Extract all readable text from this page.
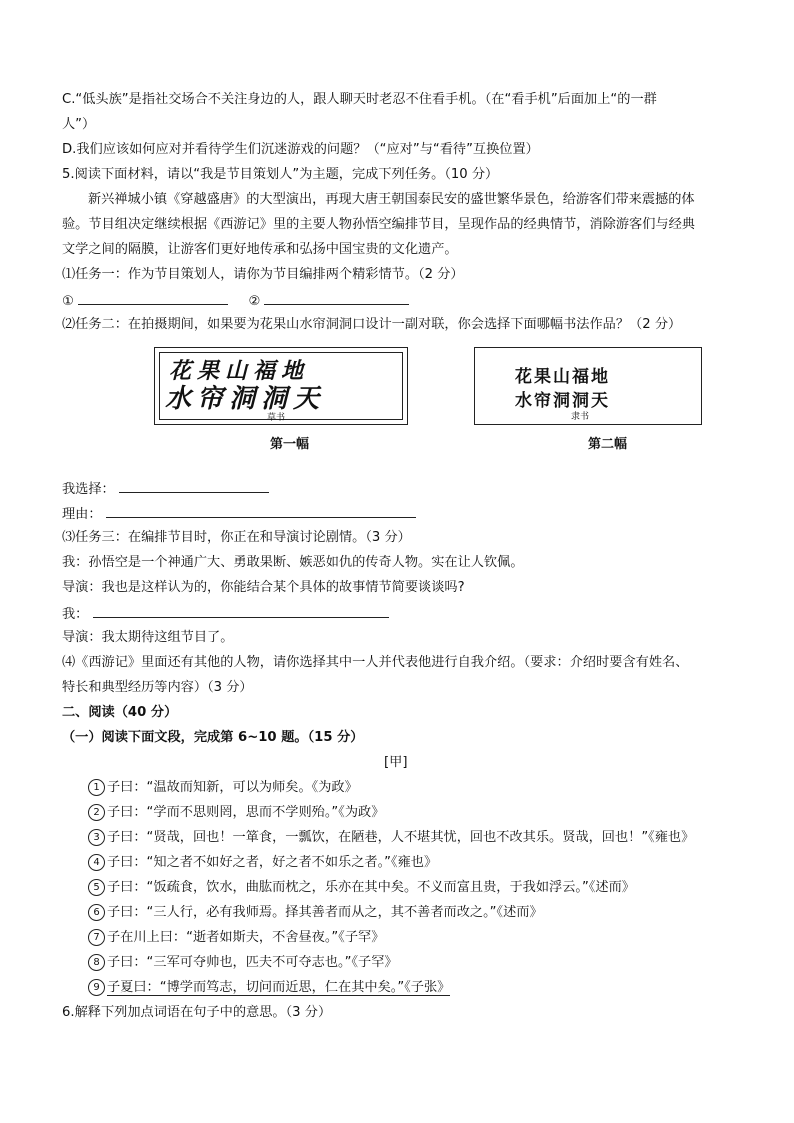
C.“低头族”是指社交场合不关注身边的人，跟人聊天时老忍不住看手机。（在“看手机”后面加上“的一群
人”）
D.我们应该如何应对并看待学生们沉迷游戏的问题？（“应对”与“看待”互换位置）
5.阅读下面材料，请以“我是节目策划人”为主题，完成下列任务。（10 分）
新兴禅城小镇《穿越盛唐》的大型演出，再现大唐王朝国泰民安的盛世繁华景色，给游客们带来震撼的体
验。节目组决定继续根据《西游记》里的主要人物孙悟空编排节目，呈现作品的经典情节，消除游客们与经典
文学之间的隔膜，让游客们更好地传承和弘扬中国宝贵的文化遗产。
⑴任务一：作为节目策划人，请你为节目编排两个精彩情节。（2 分）
①	②
⑵任务二：在拍摄期间，如果要为花果山水帘洞洞口设计一副对联，你会选择下面哪幅书法作品？（2 分）
花果山福地
水帘洞洞天
草书
第一幅
花果山福地
水帘洞洞天
隶书
第二幅
我选择：
理由：
⑶任务三：在编排节目时，你正在和导演讨论剧情。（3 分）
我：孙悟空是一个神通广大、勇敢果断、嫉恶如仇的传奇人物。实在让人钦佩。
导演：我也是这样认为的，你能结合某个具体的故事情节简要谈谈吗?
我：
导演：我太期待这组节目了。
⑷《西游记》里面还有其他的人物，请你选择其中一人并代表他进行自我介绍。（要求：介绍时要含有姓名、
特长和典型经历等内容）（3 分）
二、阅读（40 分）
（一）阅读下面文段，完成第 6~10 题。（15 分）
[甲]
1 子曰：“温故而知新，可以为师矣。《为政》
2 子曰：“学而不思则罔，思而不学则殆。”《为政》
3 子曰：“贤哉，回也！一箪食，一瓢饮，在陋巷，人不堪其忧，回也不改其乐。贤哉，回也！”《雍也》
4 子曰：“知之者不如好之者，好之者不如乐之者。”《雍也》
5 子曰：“饭疏食，饮水，曲肱而枕之，乐亦在其中矣。不义而富且贵，于我如浮云。”《述而》
6 子曰：“三人行，必有我师焉。择其善者而从之，其不善者而改之。”《述而》
7 子在川上曰：“逝者如斯夫，不舍昼夜。”《子罕》
8 子曰：“三军可夺帅也，匹夫不可夺志也。”《子罕》
9 子夏曰：“博学而笃志，切问而近思，仁在其中矣。”《子张》
6.解释下列加点词语在句子中的意思。（3 分）
